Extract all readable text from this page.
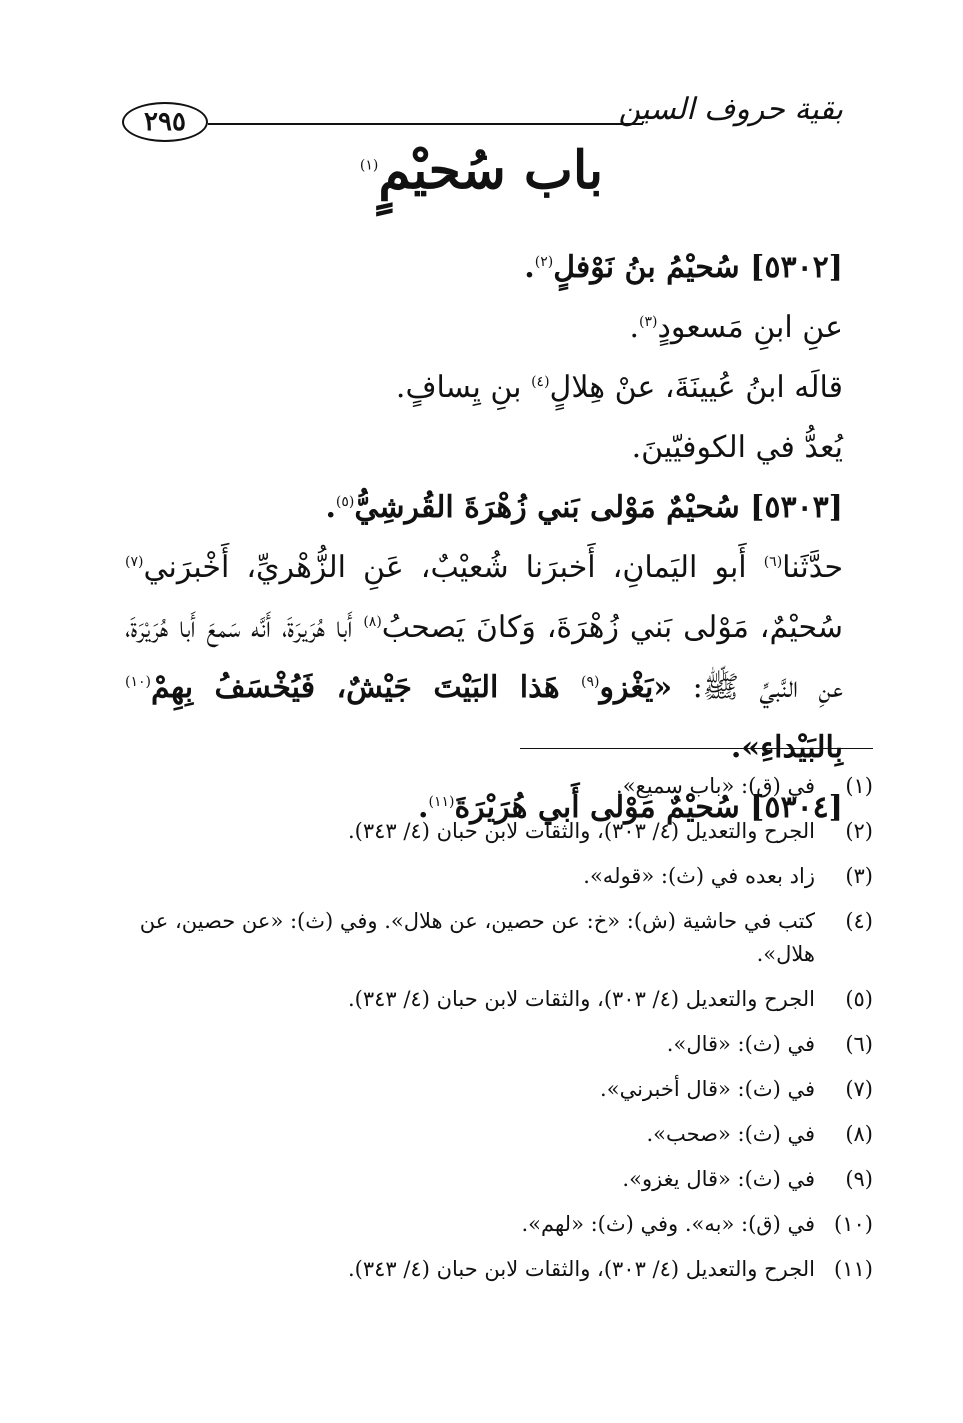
بقية حروف السين
٢٩٥
باب سُحيْمٍ$^{(١)}$
[٥٣٠٢] سُحيْمُ بنُ نَوْفلٍ$^{(٢)}$.
عنِ ابنِ مَسعودٍ$^{(٣)}$.
قالَه ابنُ عُيينَةَ، عنْ هِلالٍ$^{(٤)}$ بنِ يِسافٍ.
يُعدُّ في الكوفيّينَ.
[٥٣٠٣] سُحيْمٌ مَوْلى بَني زُهْرَةَ القُرشِيُّ$^{(٥)}$.
حدَّثَنا$^{(٦)}$ أَبو اليَمانِ، أَخبرَنا شُعيْبٌ، عَنِ الزُّهْريِّ، أَخْبرَني$^{(٧)}$ سُحيْمٌ، مَوْلى بَني زُهْرَةَ، وَكانَ يَصحبُ$^{(٨)}$ أَبا هُرَيرَةَ، أَنَّه سَمعَ أَبا هُرَيْرَةَ، عنِ النَّبيِّ ﷺ: «يَغْزو$^{(٩)}$ هَذا البَيْتَ جَيْشٌ، فَيُخْسَفُ بِهِمْ$^{(١٠)}$ بِالبَيْداءِ».
[٥٣٠٤] سُحيْمٌ مَوْلى أَبي هُرَيْرَةَ$^{(١١)}$.
(١)
في (ق): «باب سميع».
(٢)
الجرح والتعديل (٤/ ٣٠٣)، والثقات لابن حبان (٤/ ٣٤٣).
(٣)
زاد بعده في (ث): «قوله».
(٤)
كتب في حاشية (ش): «خ: عن حصين، عن هلال». وفي (ث): «عن حصين، عن هلال».
(٥)
الجرح والتعديل (٤/ ٣٠٣)، والثقات لابن حبان (٤/ ٣٤٣).
(٦)
في (ث): «قال».
(٧)
في (ث): «قال أخبرني».
(٨)
في (ث): «صحب».
(٩)
في (ث): «قال يغزو».
(١٠)
في (ق): «به». وفي (ث): «لهم».
(١١)
الجرح والتعديل (٤/ ٣٠٣)، والثقات لابن حبان (٤/ ٣٤٣).
